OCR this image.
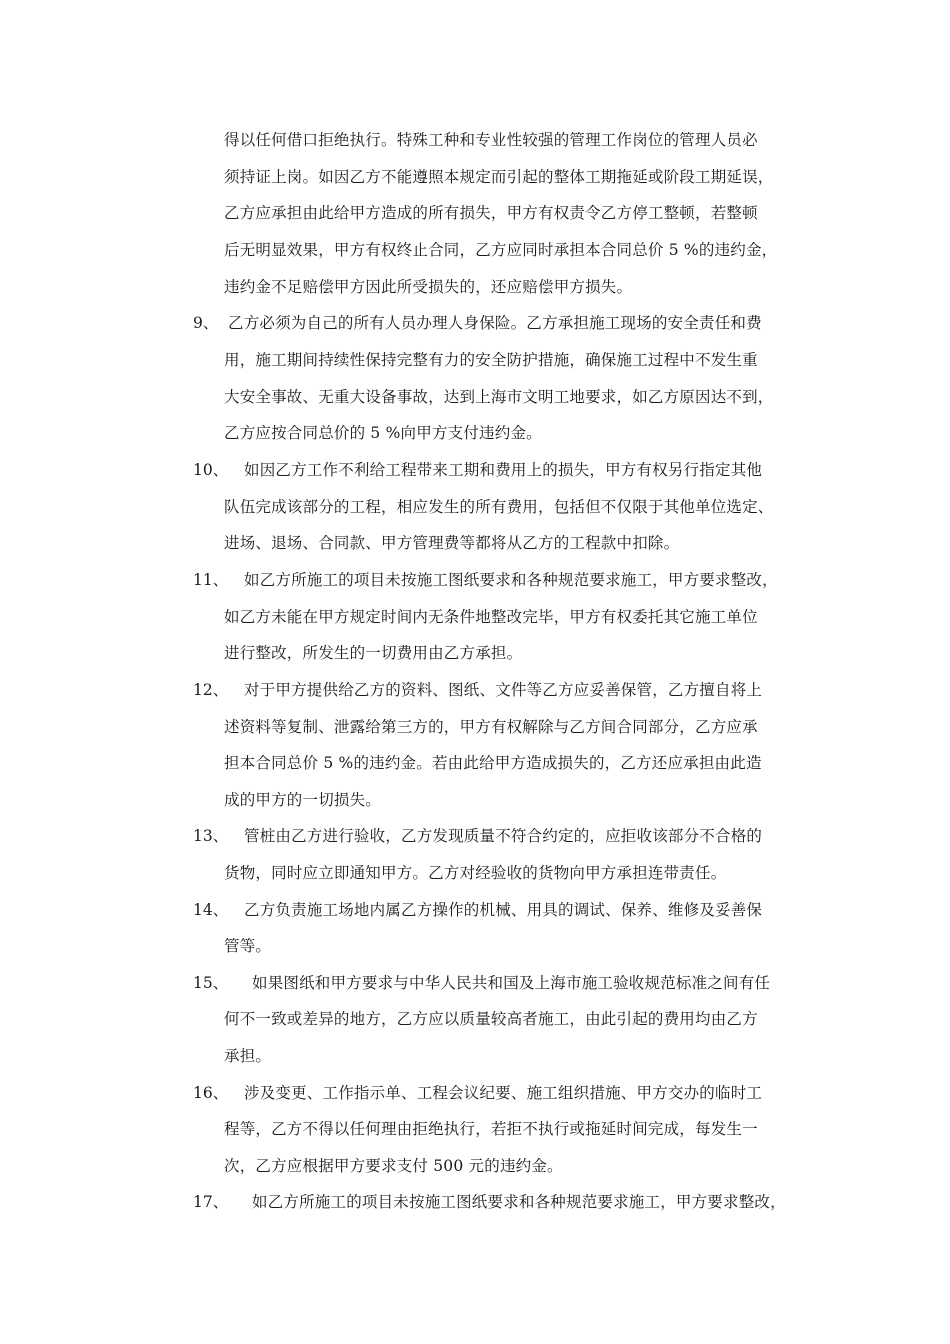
得以任何借口拒绝执行。特殊工种和专业性较强的管理工作岗位的管理人员必
须持证上岗。如因乙方不能遵照本规定而引起的整体工期拖延或阶段工期延误，
乙方应承担由此给甲方造成的所有损失，甲方有权责令乙方停工整顿，若整顿
后无明显效果，甲方有权终止合同，乙方应同时承担本合同总价 5 %的违约金，
违约金不足赔偿甲方因此所受损失的，还应赔偿甲方损失。
9、 乙方必须为自己的所有人员办理人身保险。乙方承担施工现场的安全责任和费
用，施工期间持续性保持完整有力的安全防护措施，确保施工过程中不发生重
大安全事故、无重大设备事故，达到上海市文明工地要求，如乙方原因达不到，
乙方应按合同总价的 5 %向甲方支付违约金。
10、 如因乙方工作不利给工程带来工期和费用上的损失，甲方有权另行指定其他
队伍完成该部分的工程，相应发生的所有费用，包括但不仅限于其他单位选定、
进场、退场、合同款、甲方管理费等都将从乙方的工程款中扣除。
11、 如乙方所施工的项目未按施工图纸要求和各种规范要求施工，甲方要求整改，
如乙方未能在甲方规定时间内无条件地整改完毕，甲方有权委托其它施工单位
进行整改，所发生的一切费用由乙方承担。
12、 对于甲方提供给乙方的资料、图纸、文件等乙方应妥善保管，乙方擅自将上
述资料等复制、泄露给第三方的，甲方有权解除与乙方间合同部分，乙方应承
担本合同总价 5 %的违约金。若由此给甲方造成损失的，乙方还应承担由此造
成的甲方的一切损失。
13、 管桩由乙方进行验收，乙方发现质量不符合约定的，应拒收该部分不合格的
货物，同时应立即通知甲方。乙方对经验收的货物向甲方承担连带责任。
14、 乙方负责施工场地内属乙方操作的机械、用具的调试、保养、维修及妥善保
管等。
15、 如果图纸和甲方要求与中华人民共和国及上海市施工验收规范标准之间有任
何不一致或差异的地方，乙方应以质量较高者施工，由此引起的费用均由乙方
承担。
16、 涉及变更、工作指示单、工程会议纪要、施工组织措施、甲方交办的临时工
程等，乙方不得以任何理由拒绝执行，若拒不执行或拖延时间完成，每发生一
次，乙方应根据甲方要求支付 500 元的违约金。
17、 如乙方所施工的项目未按施工图纸要求和各种规范要求施工，甲方要求整改，
